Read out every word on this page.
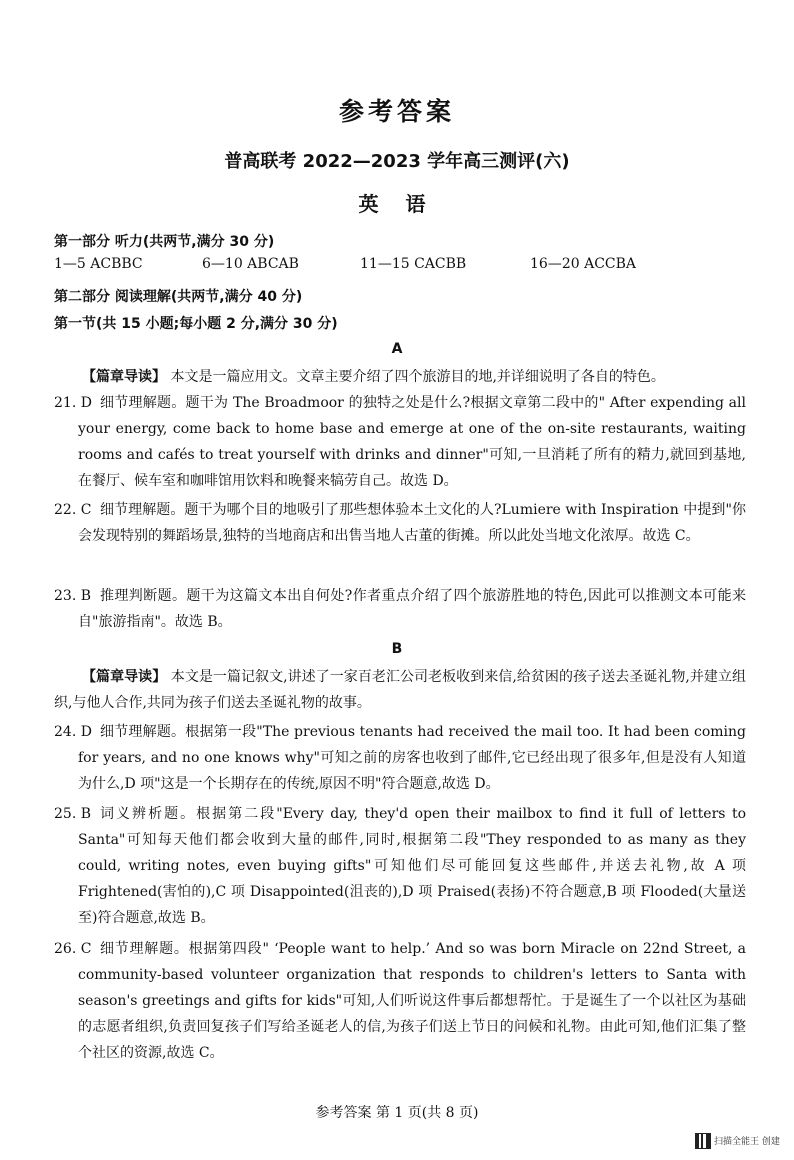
参考答案
普高联考 2022—2023 学年高三测评(六)
英 语
第一部分 听力(共两节,满分 30 分)
1—5 ACBBC	6—10 ABCAB	11—15 CACBB	16—20 ACCBA
第二部分 阅读理解(共两节,满分 40 分)
第一节(共 15 小题;每小题 2 分,满分 30 分)
A
【篇章导读】 本文是一篇应用文。文章主要介绍了四个旅游目的地,并详细说明了各自的特色。
21. D 细节理解题。题干为 The Broadmoor 的独特之处是什么?根据文章第二段中的" After expending all your energy, come back to home base and emerge at one of the on-site restaurants, waiting rooms and cafés to treat yourself with drinks and dinner"可知,一旦消耗了所有的精力,就回到基地,在餐厅、候车室和咖啡馆用饮料和晚餐来犒劳自己。故选 D。
22. C 细节理解题。题干为哪个目的地吸引了那些想体验本土文化的人?Lumiere with Inspiration 中提到"你会发现特别的舞蹈场景,独特的当地商店和出售当地人古董的街摊。所以此处当地文化浓厚。故选 C。
23. B 推理判断题。题干为这篇文本出自何处?作者重点介绍了四个旅游胜地的特色,因此可以推测文本可能来自"旅游指南"。故选 B。
B
【篇章导读】 本文是一篇记叙文,讲述了一家百老汇公司老板收到来信,给贫困的孩子送去圣诞礼物,并建立组织,与他人合作,共同为孩子们送去圣诞礼物的故事。
24. D 细节理解题。根据第一段"The previous tenants had received the mail too. It had been coming for years, and no one knows why"可知之前的房客也收到了邮件,它已经出现了很多年,但是没有人知道为什么,D 项"这是一个长期存在的传统,原因不明"符合题意,故选 D。
25. B 词义辨析题。根据第二段"Every day, they'd open their mailbox to find it full of letters to Santa"可知每天他们都会收到大量的邮件,同时,根据第二段"They responded to as many as they could, writing notes, even buying gifts"可知他们尽可能回复这些邮件,并送去礼物,故 A 项 Frightened(害怕的),C 项 Disappointed(沮丧的),D 项 Praised(表扬)不符合题意,B 项 Flooded(大量送至)符合题意,故选 B。
26. C 细节理解题。根据第四段" ‘People want to help.’ And so was born Miracle on 22nd Street, a community-based volunteer organization that responds to children's letters to Santa with season's greetings and gifts for kids"可知,人们听说这件事后都想帮忙。于是诞生了一个以社区为基础的志愿者组织,负责回复孩子们写给圣诞老人的信,为孩子们送上节日的问候和礼物。由此可知,他们汇集了整个社区的资源,故选 C。
参考答案 第 1 页(共 8 页)
扫描全能王 创建
